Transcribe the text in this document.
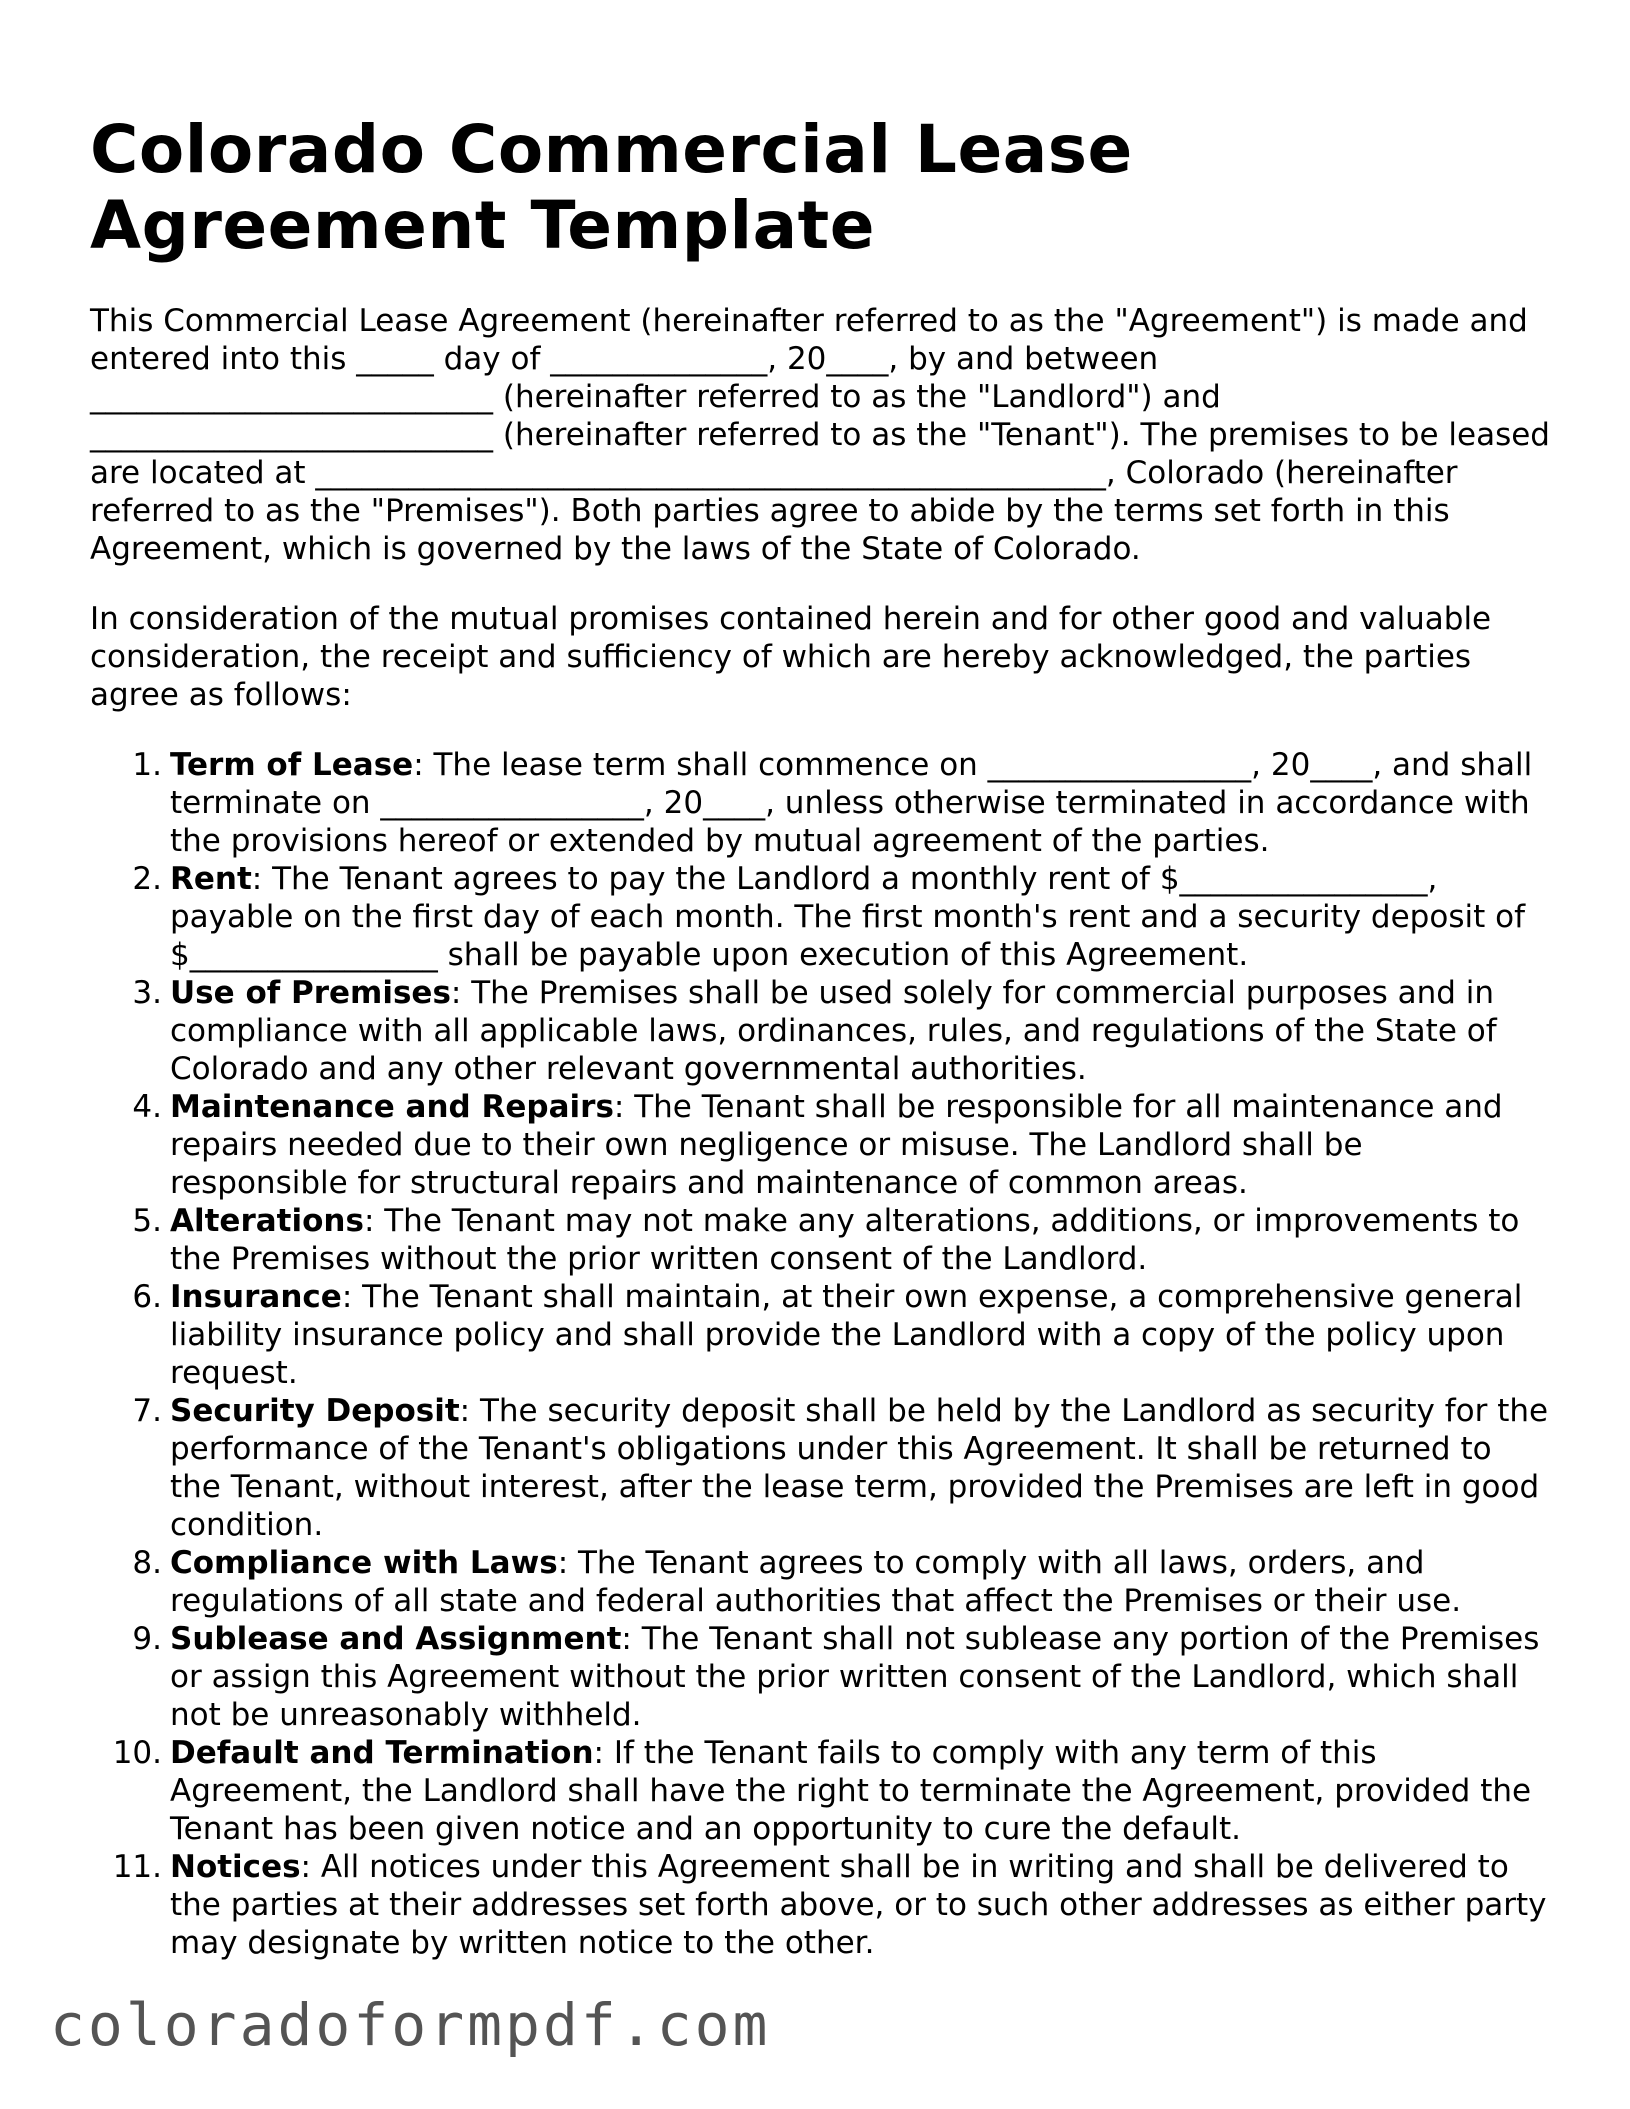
Colorado Commercial Lease Agreement Template

This Commercial Lease Agreement (hereinafter referred to as the "Agreement") is made and entered into this _____ day of ______________, 20____, by and between __________________________ (hereinafter referred to as the "Landlord") and __________________________ (hereinafter referred to as the "Tenant"). The premises to be leased are located at ___________________________________________________, Colorado (hereinafter referred to as the "Premises"). Both parties agree to abide by the terms set forth in this Agreement, which is governed by the laws of the State of Colorado.

In consideration of the mutual promises contained herein and for other good and valuable consideration, the receipt and sufficiency of which are hereby acknowledged, the parties agree as follows:

1. Term of Lease: The lease term shall commence on _________________, 20____, and shall terminate on _________________, 20____, unless otherwise terminated in accordance with the provisions hereof or extended by mutual agreement of the parties.
2. Rent: The Tenant agrees to pay the Landlord a monthly rent of $________________, payable on the first day of each month. The first month's rent and a security deposit of $________________ shall be payable upon execution of this Agreement.
3. Use of Premises: The Premises shall be used solely for commercial purposes and in compliance with all applicable laws, ordinances, rules, and regulations of the State of Colorado and any other relevant governmental authorities.
4. Maintenance and Repairs: The Tenant shall be responsible for all maintenance and repairs needed due to their own negligence or misuse. The Landlord shall be responsible for structural repairs and maintenance of common areas.
5. Alterations: The Tenant may not make any alterations, additions, or improvements to the Premises without the prior written consent of the Landlord.
6. Insurance: The Tenant shall maintain, at their own expense, a comprehensive general liability insurance policy and shall provide the Landlord with a copy of the policy upon request.
7. Security Deposit: The security deposit shall be held by the Landlord as security for the performance of the Tenant's obligations under this Agreement. It shall be returned to the Tenant, without interest, after the lease term, provided the Premises are left in good condition.
8. Compliance with Laws: The Tenant agrees to comply with all laws, orders, and regulations of all state and federal authorities that affect the Premises or their use.
9. Sublease and Assignment: The Tenant shall not sublease any portion of the Premises or assign this Agreement without the prior written consent of the Landlord, which shall not be unreasonably withheld.
10. Default and Termination: If the Tenant fails to comply with any term of this Agreement, the Landlord shall have the right to terminate the Agreement, provided the Tenant has been given notice and an opportunity to cure the default.
11. Notices: All notices under this Agreement shall be in writing and shall be delivered to the parties at their addresses set forth above, or to such other addresses as either party may designate by written notice to the other.
coloradoformpdf.com
